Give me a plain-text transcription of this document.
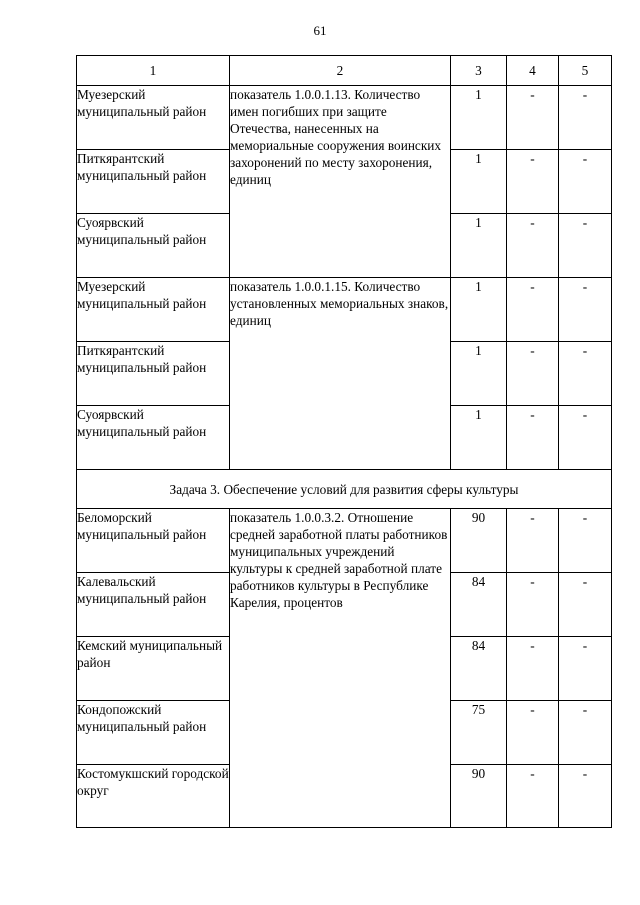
61
1	2	3	4	5
Муезерский муниципальный район	показатель 1.0.0.1.13. Количество имен погибших при защите Отечества, нанесенных на мемориальные сооружения воинских захоронений по месту захоронения, единиц	1	-	-
Питкярантский муниципальный район		1	-	-
Суоярвский муниципальный район		1	-	-
Муезерский муниципальный район	показатель 1.0.0.1.15. Количество установленных мемориальных знаков, единиц	1	-	-
Питкярантский муниципальный район		1	-	-
Суоярвский муниципальный район		1	-	-
Задача 3. Обеспечение условий для развития сферы культуры				
Беломорский муниципальный район	показатель 1.0.0.3.2. Отношение средней заработной платы работников муниципальных учреждений культуры к средней заработной плате работников культуры в Республике Карелия, процентов	90	-	-
Калевальский муниципальный район		84	-	-
Кемский муниципальный район		84	-	-
Кондопожский муниципальный район		75	-	-
Костомукшский городской округ		90	-	-
